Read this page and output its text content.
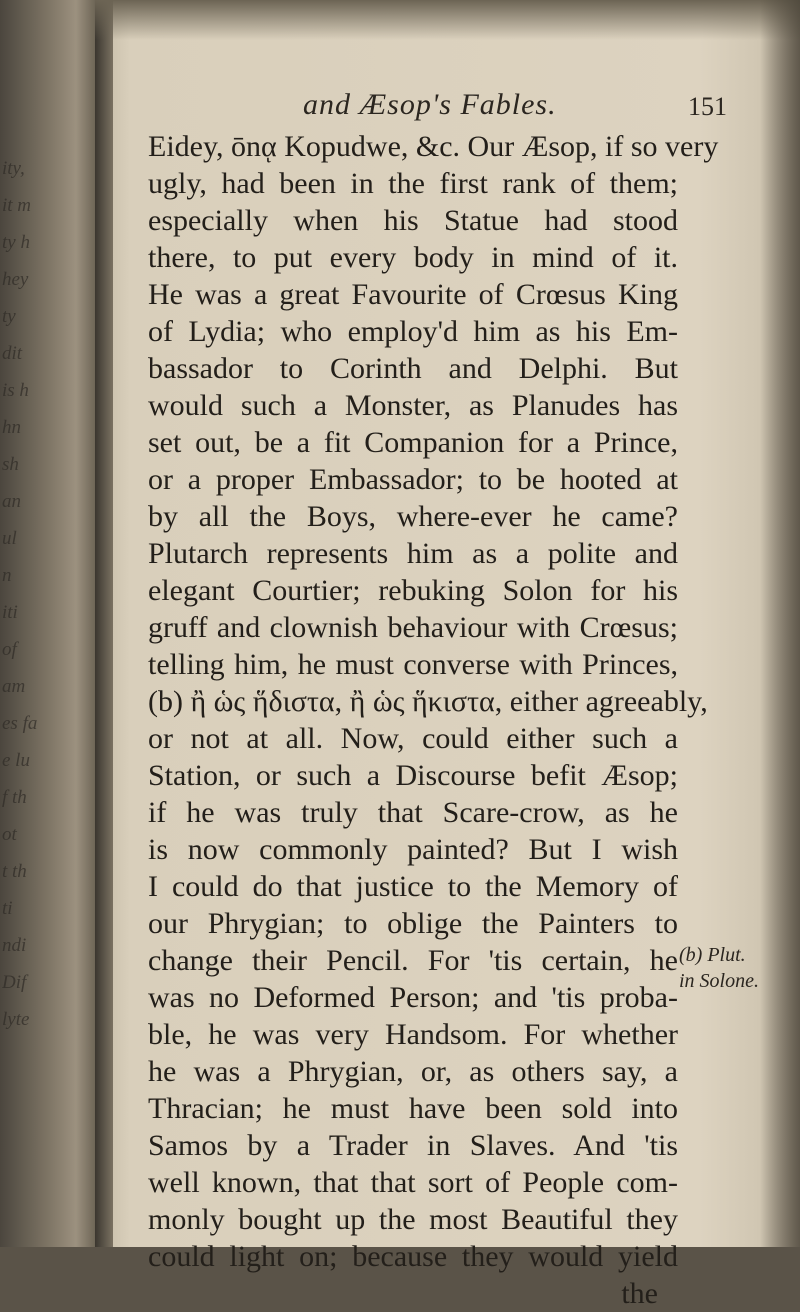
ity,
it m
ty h
hey
ty
dit
is h
hn
sh
an
ul
n
iti
of
am
es fa
e lu
f th
ot
t th
ti
ndi
Dif
lyte
and Æsop's Fables.	151
Eidey, ōnᾳ Kopudwe, &c. Our Æsop, if so very
ugly, had been in the first rank of them;
especially when his Statue had stood
there, to put every body in mind of it.
He was a great Favourite of Crœsus King
of Lydia; who employ'd him as his Em-
bassador to Corinth and Delphi. But
would such a Monster, as Planudes has
set out, be a fit Companion for a Prince,
or a proper Embassador; to be hooted at
by all the Boys, where-ever he came?
Plutarch represents him as a polite and
elegant Courtier; rebuking Solon for his
gruff and clownish behaviour with Crœsus;
telling him, he must converse with Princes,
(b) ἢ ὡς ἥδιστα, ἢ ὡς ἥκιστα, either agreeably,
or not at all. Now, could either such a
Station, or such a Discourse befit Æsop;
if he was truly that Scare-crow, as he
is now commonly painted? But I wish
I could do that justice to the Memory of
our Phrygian; to oblige the Painters to
change their Pencil. For 'tis certain, he
was no Deformed Person; and 'tis proba-
ble, he was very Handsom. For whether
he was a Phrygian, or, as others say, a
Thracian; he must have been sold into
Samos by a Trader in Slaves. And 'tis
well known, that that sort of People com-
monly bought up the most Beautiful they
could light on; because they would yield
the
(b) Plut.
in Solone.
